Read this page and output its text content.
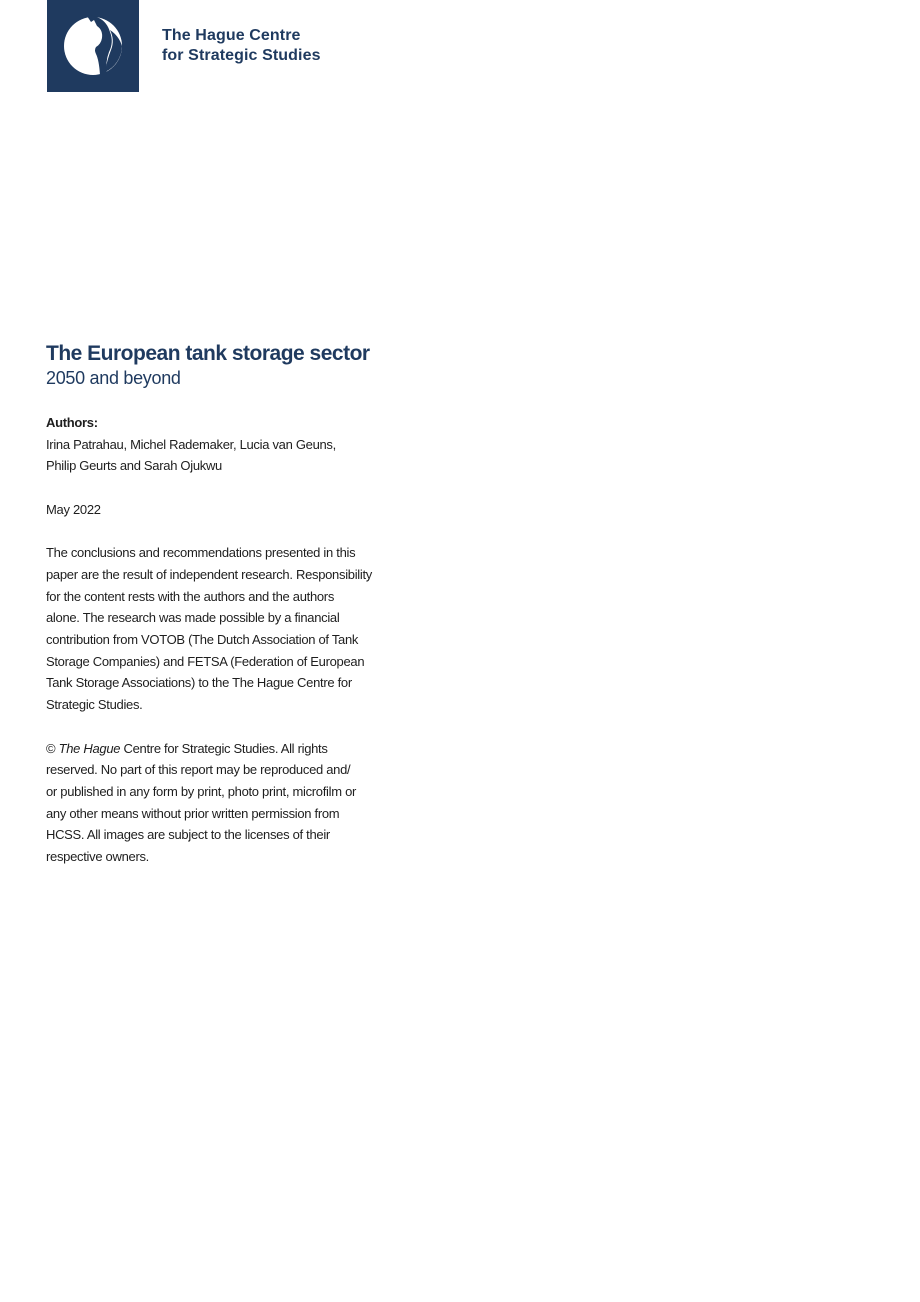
The Hague Centre
for Strategic Studies
The European tank storage sector

2050 and beyond

Authors:

Irina Patrahau, Michel Rademaker, Lucia van Geuns,

Philip Geurts and Sarah Ojukwu

May 2022

The conclusions and recommendations presented in this

paper are the result of independent research. Responsibility

for the content rests with the authors and the authors

alone. The research was made possible by a financial

contribution from VOTOB (The Dutch Association of Tank

Storage Companies) and FETSA (Federation of European

Tank Storage Associations) to the The Hague Centre for

Strategic Studies.

© The Hague Centre for Strategic Studies. All rights

reserved. No part of this report may be reproduced and/

or published in any form by print, photo print, microfilm or

any other means without prior written permission from

HCSS. All images are subject to the licenses of their

respective owners.
